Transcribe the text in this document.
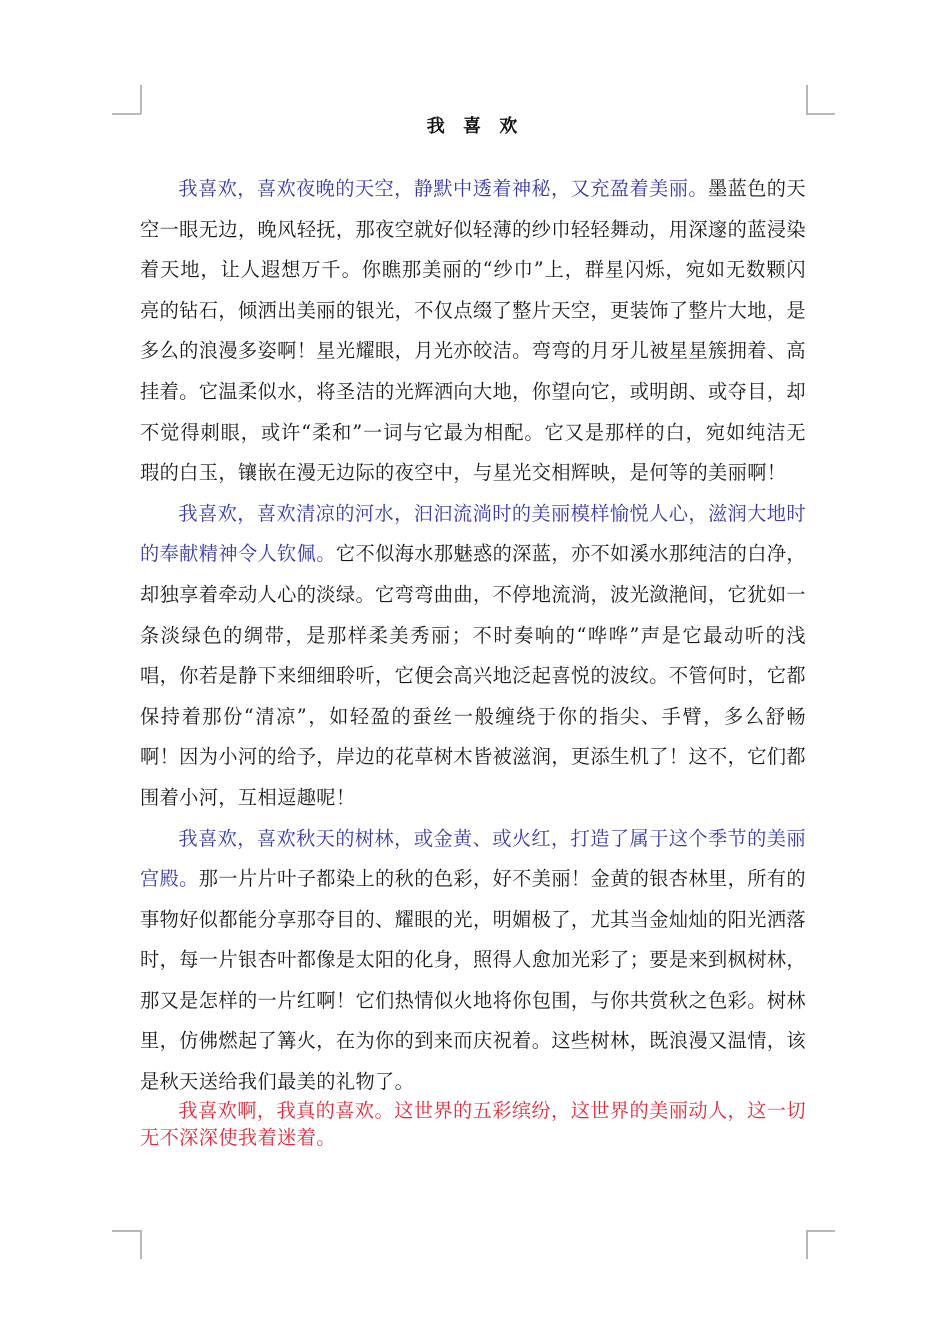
我 喜 欢

我喜欢，喜欢夜晚的天空，静默中透着神秘，又充盈着美丽。墨蓝色的天空一眼无边，晚风轻抚，那夜空就好似轻薄的纱巾轻轻舞动，用深邃的蓝浸染着天地，让人遐想万千。你瞧那美丽的“纱巾”上，群星闪烁，宛如无数颗闪亮的钻石，倾洒出美丽的银光，不仅点缀了整片天空，更装饰了整片大地，是多么的浪漫多姿啊！星光耀眼，月光亦皎洁。弯弯的月牙儿被星星簇拥着、高挂着。它温柔似水，将圣洁的光辉洒向大地，你望向它，或明朗、或夺目，却不觉得刺眼，或许“柔和”一词与它最为相配。它又是那样的白，宛如纯洁无瑕的白玉，镶嵌在漫无边际的夜空中，与星光交相辉映，是何等的美丽啊！

我喜欢，喜欢清凉的河水，汩汩流淌时的美丽模样愉悦人心，滋润大地时的奉献精神令人钦佩。它不似海水那魅惑的深蓝，亦不如溪水那纯洁的白净，却独享着牵动人心的淡绿。它弯弯曲曲，不停地流淌，波光潋滟间，它犹如一条淡绿色的绸带，是那样柔美秀丽；不时奏响的“哗哗”声是它最动听的浅唱，你若是静下来细细聆听，它便会高兴地泛起喜悦的波纹。不管何时，它都保持着那份“清凉”，如轻盈的蚕丝一般缠绕于你的指尖、手臂，多么舒畅啊！因为小河的给予，岸边的花草树木皆被滋润，更添生机了！这不，它们都围着小河，互相逗趣呢！

我喜欢，喜欢秋天的树林，或金黄、或火红，打造了属于这个季节的美丽宫殿。那一片片叶子都染上的秋的色彩，好不美丽！金黄的银杏林里，所有的事物好似都能分享那夺目的、耀眼的光，明媚极了，尤其当金灿灿的阳光洒落时，每一片银杏叶都像是太阳的化身，照得人愈加光彩了；要是来到枫树林，那又是怎样的一片红啊！它们热情似火地将你包围，与你共赏秋之色彩。树林里，仿佛燃起了篝火，在为你的到来而庆祝着。这些树林，既浪漫又温情，该是秋天送给我们最美的礼物了。

我喜欢啊，我真的喜欢。这世界的五彩缤纷，这世界的美丽动人，这一切无不深深使我着迷着。
